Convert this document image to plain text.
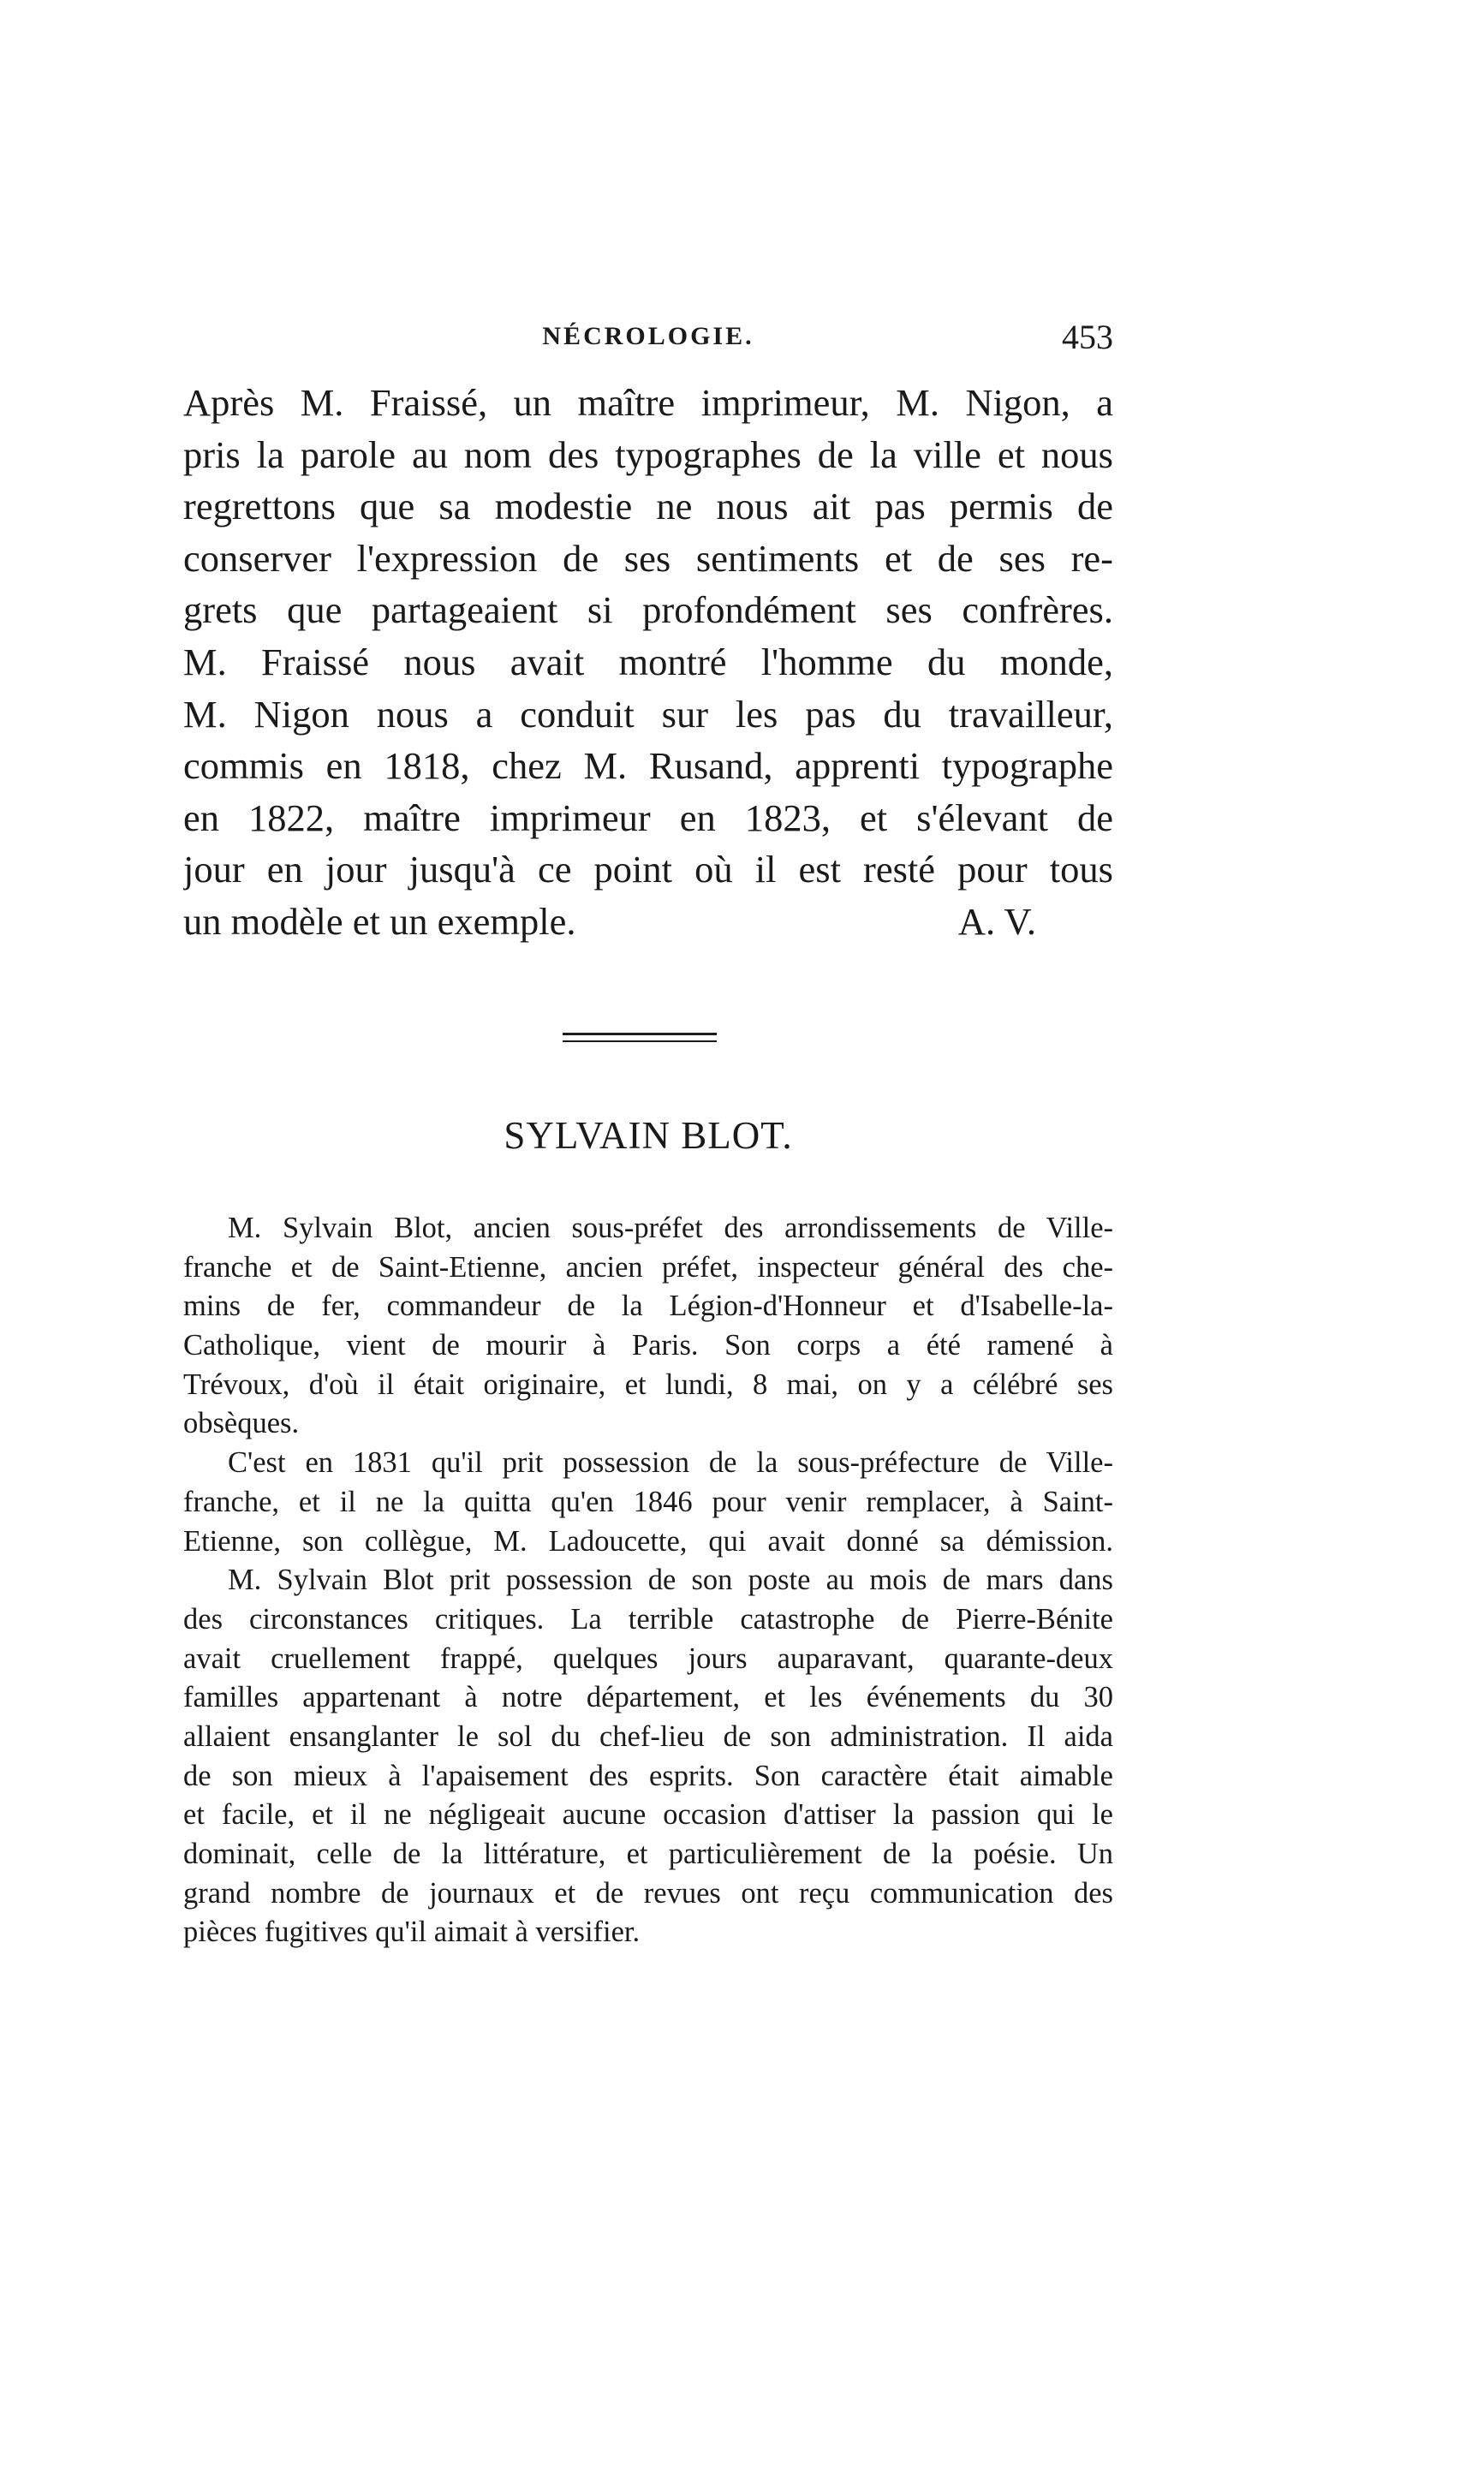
NÉCROLOGIE.	453
Après M. Fraissé, un maître imprimeur, M. Nigon, a
pris la parole au nom des typographes de la ville et nous
regrettons que sa modestie ne nous ait pas permis de
conserver l'expression de ses sentiments et de ses re-
grets que partageaient si profondément ses confrères.
M. Fraissé nous avait montré l'homme du monde,
M. Nigon nous a conduit sur les pas du travailleur,
commis en 1818, chez M. Rusand, apprenti typographe
en 1822, maître imprimeur en 1823, et s'élevant de
jour en jour jusqu'à ce point où il est resté pour tous
un modèle et un exemple.	A. V.
SYLVAIN BLOT.
M. Sylvain Blot, ancien sous-préfet des arrondissements de Ville-
franche et de Saint-Etienne, ancien préfet, inspecteur général des che-
mins de fer, commandeur de la Légion-d'Honneur et d'Isabelle-la-
Catholique, vient de mourir à Paris. Son corps a été ramené à
Trévoux, d'où il était originaire, et lundi, 8 mai, on y a célébré ses
obsèques.
C'est en 1831 qu'il prit possession de la sous-préfecture de Ville-
franche, et il ne la quitta qu'en 1846 pour venir remplacer, à Saint-
Etienne, son collègue, M. Ladoucette, qui avait donné sa démission.
M. Sylvain Blot prit possession de son poste au mois de mars dans
des circonstances critiques. La terrible catastrophe de Pierre-Bénite
avait cruellement frappé, quelques jours auparavant, quarante-deux
familles appartenant à notre département, et les événements du 30
allaient ensanglanter le sol du chef-lieu de son administration. Il aida
de son mieux à l'apaisement des esprits. Son caractère était aimable
et facile, et il ne négligeait aucune occasion d'attiser la passion qui le
dominait, celle de la littérature, et particulièrement de la poésie. Un
grand nombre de journaux et de revues ont reçu communication des
pièces fugitives qu'il aimait à versifier.
